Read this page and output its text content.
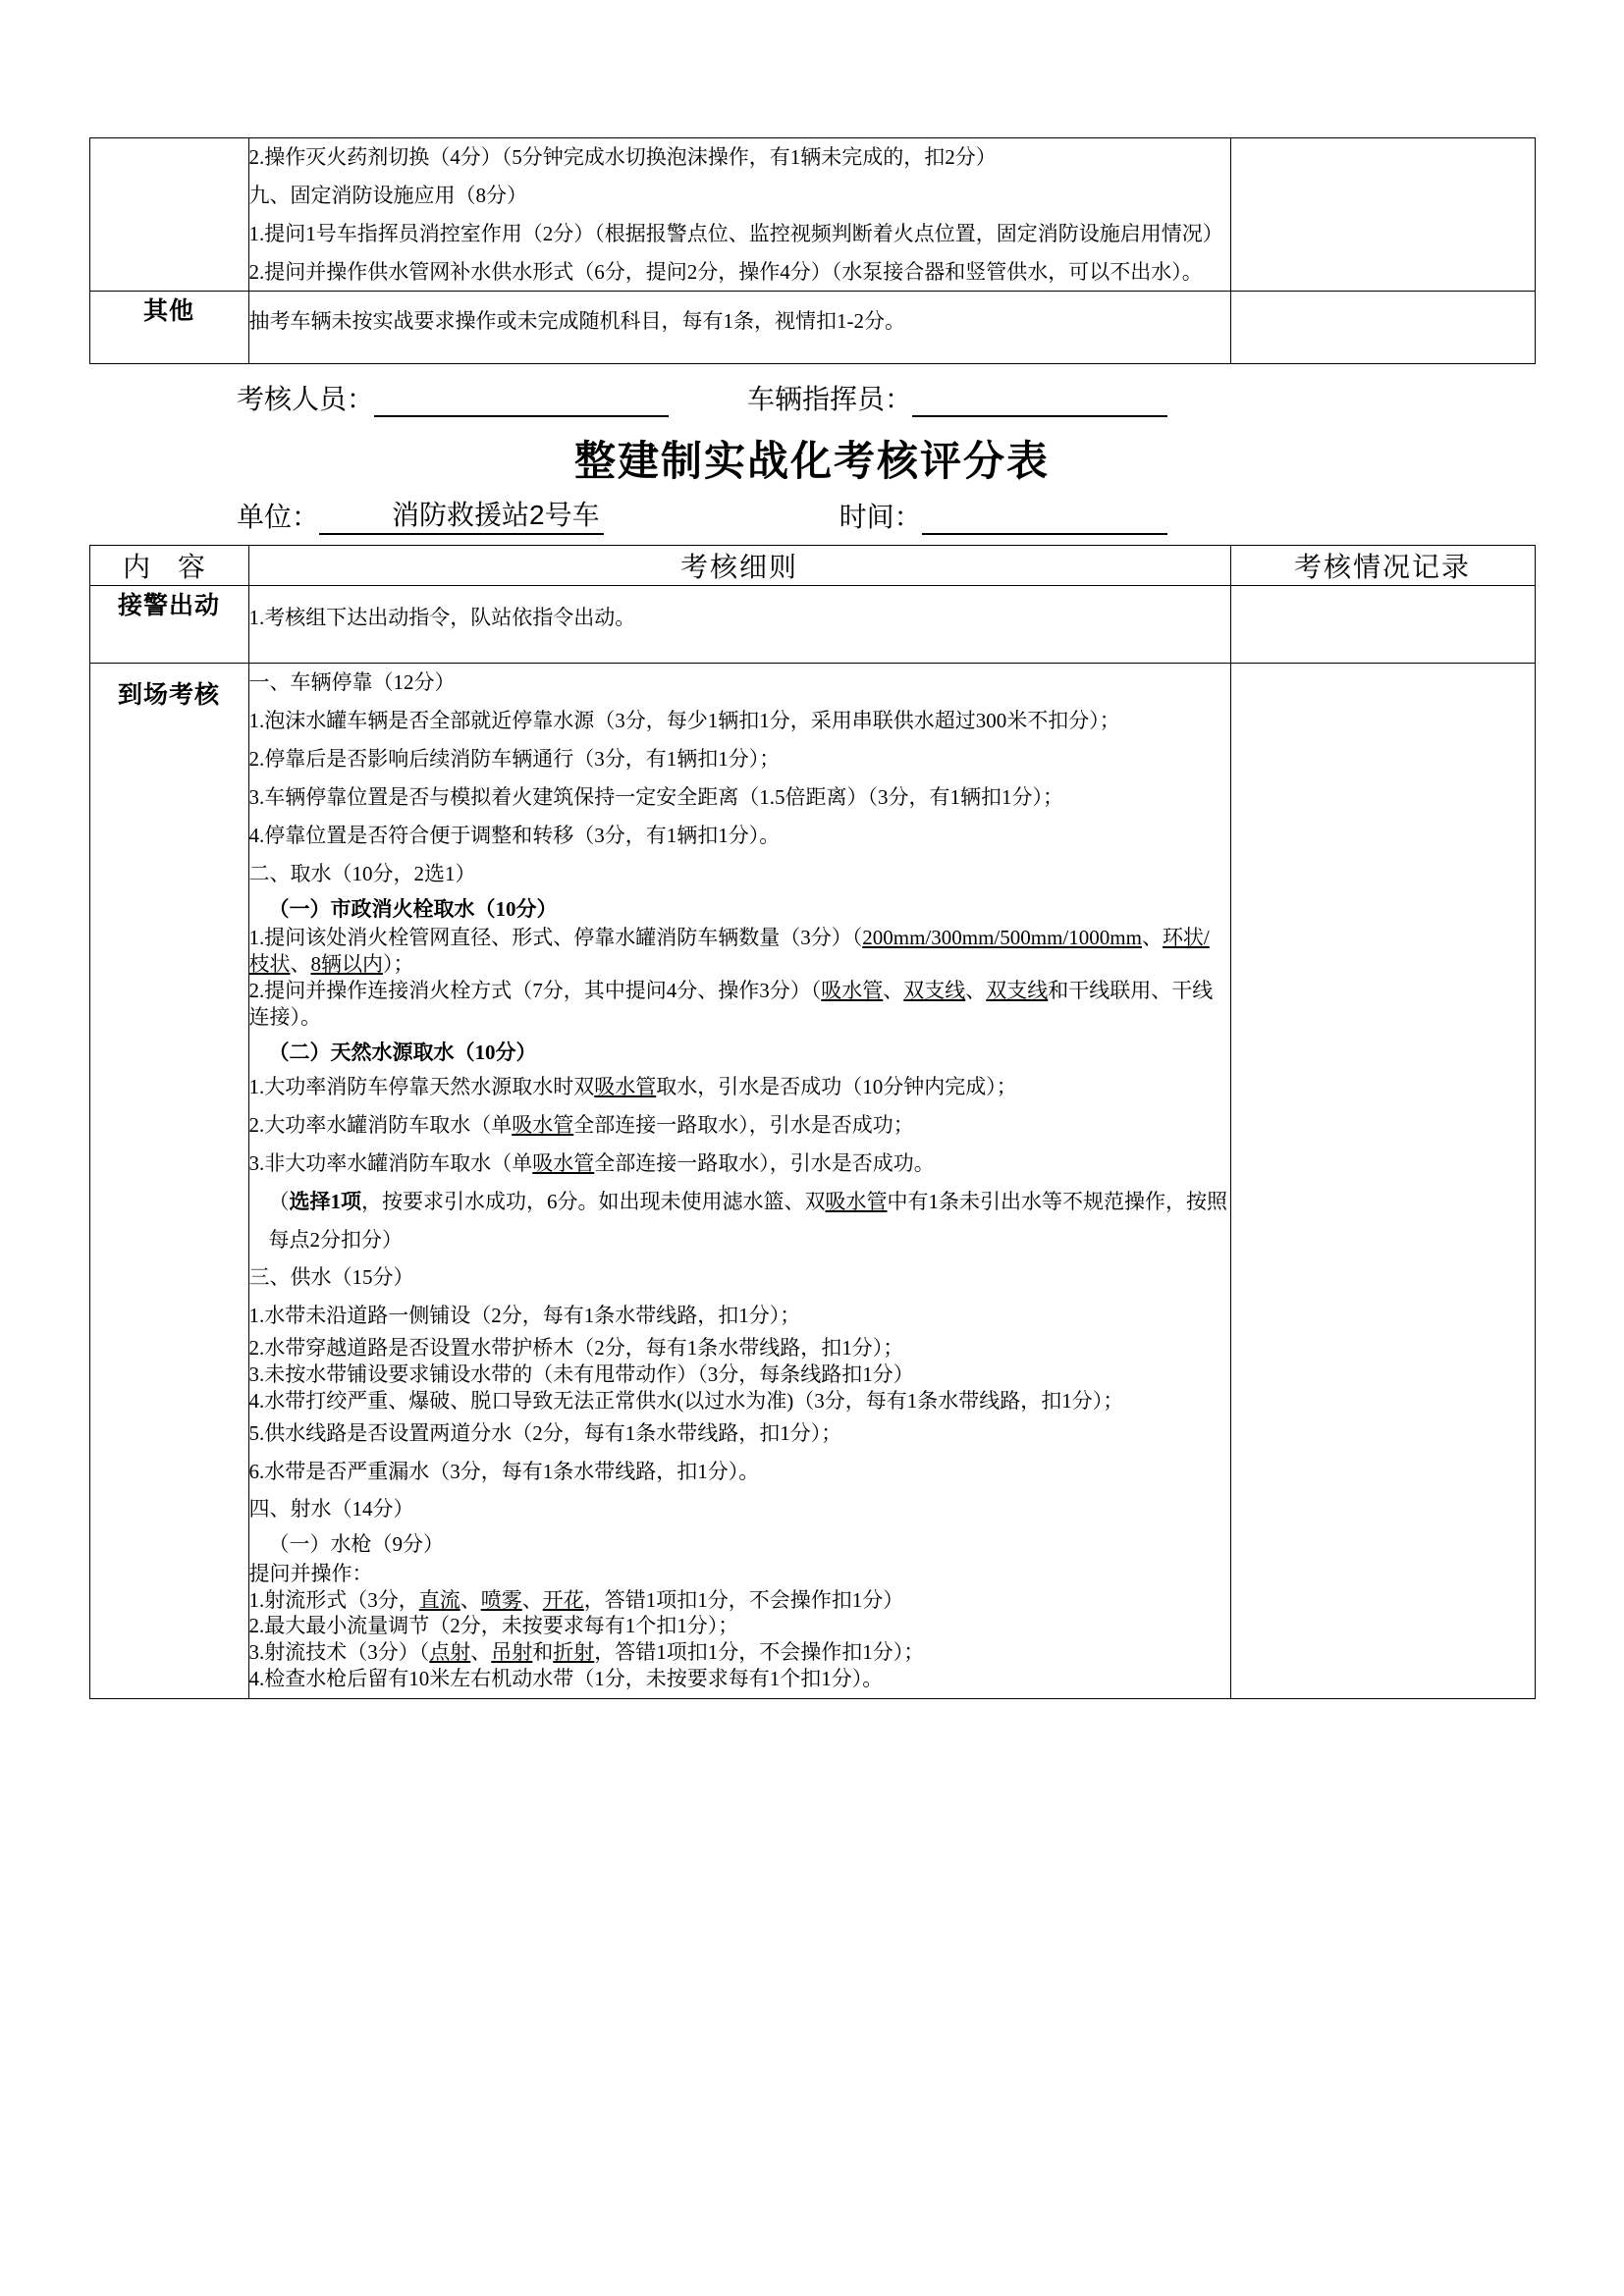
	2.操作灭火药剂切换（4分）（5分钟完成水切换泡沫操作，有1辆未完成的，扣2分）

九、固定消防设施应用（8分）

1.提问1号车指挥员消控室作用（2分）（根据报警点位、监控视频判断着火点位置，固定消防设施启用情况）

2.提问并操作供水管网补水供水形式（6分，提问2分，操作4分）（水泵接合器和竖管供水，可以不出水）。	

其他	抽考车辆未按实战要求操作或未完成随机科目，每有1条，视情扣1-2分。	

考核人员：	车辆指挥员：
整建制实战化考核评分表
单位：	消防救援站2号车	时间：
内 容	考核细则	考核情况记录
接警出动	1.考核组下达出动指令，队站依指令出动。	

到场考核	一、车辆停靠（12分）

1.泡沫水罐车辆是否全部就近停靠水源（3分，每少1辆扣1分，采用串联供水超过300米不扣分）；

2.停靠后是否影响后续消防车辆通行（3分，有1辆扣1分）；

3.车辆停靠位置是否与模拟着火建筑保持一定安全距离（1.5倍距离）（3分，有1辆扣1分）；

4.停靠位置是否符合便于调整和转移（3分，有1辆扣1分）。

二、取水（10分，2选1）

（一）市政消火栓取水（10分）

1.提问该处消火栓管网直径、形式、停靠水罐消防车辆数量（3分）（200mm/300mm/500mm/1000mm、环状/枝状、8辆以内）；

2.提问并操作连接消火栓方式（7分，其中提问4分、操作3分）（吸水管、双支线、双支线和干线联用、干线连接）。

（二）天然水源取水（10分）

1.大功率消防车停靠天然水源取水时双吸水管取水，引水是否成功（10分钟内完成）；

2.大功率水罐消防车取水（单吸水管全部连接一路取水），引水是否成功；

3.非大功率水罐消防车取水（单吸水管全部连接一路取水），引水是否成功。

（选择1项，按要求引水成功，6分。如出现未使用滤水篮、双吸水管中有1条未引出水等不规范操作，按照每点2分扣分）

三、供水（15分）

1.水带未沿道路一侧铺设（2分，每有1条水带线路，扣1分）；

2.水带穿越道路是否设置水带护桥木（2分，每有1条水带线路，扣1分）；

3.未按水带铺设要求铺设水带的（未有甩带动作）（3分，每条线路扣1分）

4.水带打绞严重、爆破、脱口导致无法正常供水(以过水为准)（3分，每有1条水带线路，扣1分）；

5.供水线路是否设置两道分水（2分，每有1条水带线路，扣1分）；

6.水带是否严重漏水（3分，每有1条水带线路，扣1分）。

四、射水（14分）

（一）水枪（9分）

提问并操作：

1.射流形式（3分，直流、喷雾、开花，答错1项扣1分，不会操作扣1分）

2.最大最小流量调节（2分，未按要求每有1个扣1分）；

3.射流技术（3分）（点射、吊射和折射，答错1项扣1分，不会操作扣1分）；

4.检查水枪后留有10米左右机动水带（1分，未按要求每有1个扣1分）。
